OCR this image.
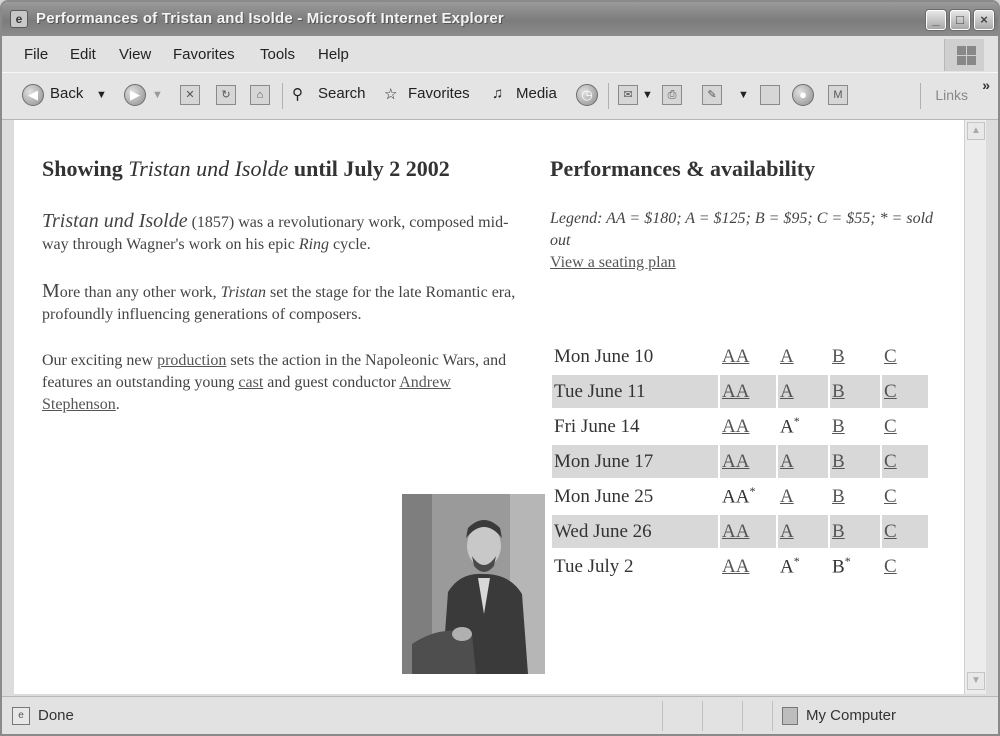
e Performances of Tristan and Isolde - Microsoft Internet Explorer	_	□	×
File Edit View Favorites Tools Help
◀ Back ▼	▶	▼	✕	↻	⌂	⚲ Search ☆ Favorites ♫ Media	◷	✉ ▼	⎙	✎	▼	●	M	Links
»
Showing Tristan und Isolde until July 2 2002

Tristan und Isolde (1857) was a revolutionary work, composed mid-way through Wagner's work on his epic Ring cycle.

More than any other work, Tristan set the stage for the late Romantic era, profoundly influencing generations of composers.

Our exciting new production sets the action in the Napoleonic Wars, and features an outstanding young cast and guest conductor Andrew Stephenson.

Performances & availability

Legend: AA = $180; A = $125; B = $95; C = $55; * = sold out

View a seating plan
Mon June 10	AA	A	B	C
Tue June 11	AA	A	B	C
Fri June 14	AA	A*	B	C
Mon June 17	AA	A	B	C
Mon June 25	AA*	A	B	C
Wed June 26	AA	A	B	C
Tue July 2	AA	A*	B*	C
▲
▼
e Done	My Computer
